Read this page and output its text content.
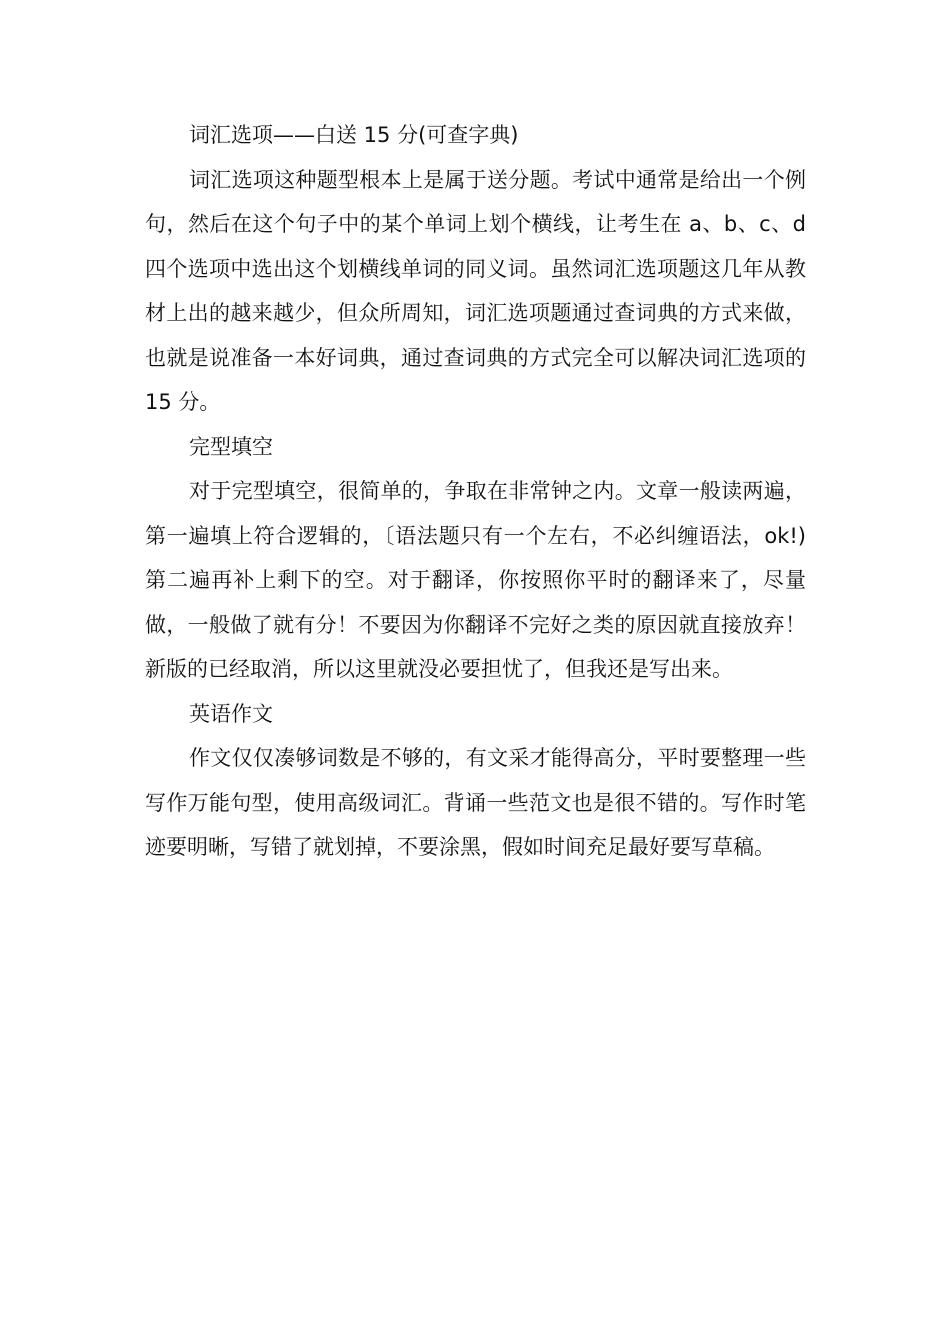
词汇选项——白送 15 分(可查字典)

词汇选项这种题型根本上是属于送分题。考试中通常是给出一个例句，然后在这个句子中的某个单词上划个横线，让考生在 a、b、c、d 四个选项中选出这个划横线单词的同义词。虽然词汇选项题这几年从教材上出的越来越少，但众所周知，词汇选项题通过查词典的方式来做，也就是说准备一本好词典，通过查词典的方式完全可以解决词汇选项的 15 分。

完型填空

对于完型填空，很简单的，争取在非常钟之内。文章一般读两遍，第一遍填上符合逻辑的，〔语法题只有一个左右，不必纠缠语法，ok!)第二遍再补上剩下的空。对于翻译，你按照你平时的翻译来了，尽量做，一般做了就有分！不要因为你翻译不完好之类的原因就直接放弃！新版的已经取消，所以这里就没必要担忧了，但我还是写出来。

英语作文

作文仅仅凑够词数是不够的，有文采才能得高分，平时要整理一些写作万能句型，使用高级词汇。背诵一些范文也是很不错的。写作时笔迹要明晰，写错了就划掉，不要涂黑，假如时间充足最好要写草稿。
